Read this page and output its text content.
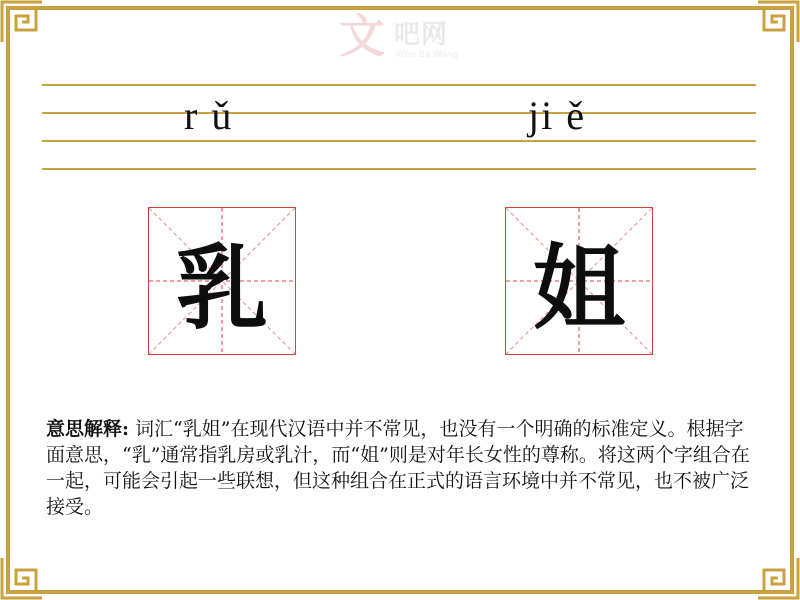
文 吧网
Wen Ba Wang
r ǔ	ji ě
乳	姐
意思解释: 词汇“乳姐”在现代汉语中并不常见，也没有一个明确的标准定义。根据字面意思，“乳”通常指乳房或乳汁，而“姐”则是对年长女性的尊称。将这两个字组合在一起，可能会引起一些联想，但这种组合在正式的语言环境中并不常见，也不被广泛接受。
